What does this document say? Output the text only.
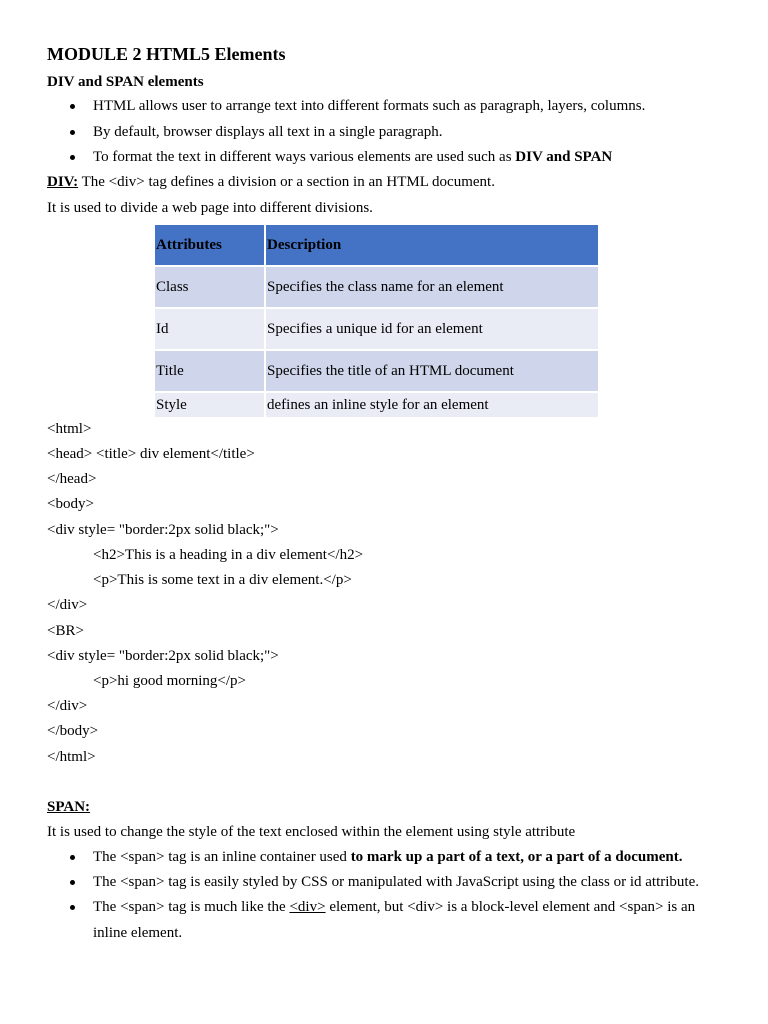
MODULE 2 HTML5 Elements
DIV and SPAN elements
HTML allows user to arrange text into different formats such as paragraph, layers, columns.
By default, browser displays all text in a single paragraph.
To format the text in different ways various elements are used such as DIV and SPAN
DIV: The <div> tag defines a division or a section in an HTML document.
It is used to divide a web page into different divisions.
Attributes	Description
Class	Specifies the class name for an element
Id	Specifies a unique id for an element
Title	Specifies the title of an HTML document
Style	defines an inline style for an element
<html>
<head> <title> div element</title>
</head>
<body>
<div style= "border:2px solid black;">
<h2>This is a heading in a div element</h2>
<p>This is some text in a div element.</p>
</div>
<BR>
<div style= "border:2px solid black;">
<p>hi good morning</p>
</div>
</body>
</html>
SPAN:
It is used to change the style of the text enclosed within the element using style attribute
The <span> tag is an inline container used to mark up a part of a text, or a part of a document.
The <span> tag is easily styled by CSS or manipulated with JavaScript using the class or id attribute.
The <span> tag is much like the <div> element, but <div> is a block-level element and <span> is an
inline element.
